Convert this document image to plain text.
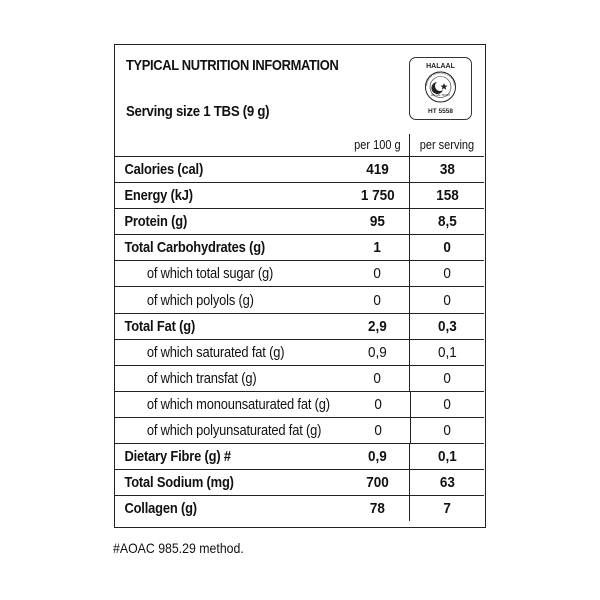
TYPICAL NUTRITION INFORMATION
Serving size 1 TBS (9 g)
HALAAL
HALAAL TRUST
HT 5558
MUSLIM JUDICIAL COUNCIL
per 100 g per serving
Calories (cal)	419	38
Energy (kJ)	1 750	158
Protein (g)	95	8,5
Total Carbohydrates (g)	1	0
of which total sugar (g)	0	0
of which polyols (g)	0	0
Total Fat (g)	2,9	0,3
of which saturated fat (g)	0,9	0,1
of which transfat (g)	0	0
of which monounsaturated fat (g)	0	0
of which polyunsaturated fat (g)	0	0
Dietary Fibre (g) #	0,9	0,1
Total Sodium (mg)	700	63
Collagen (g)	78	7
#AOAC 985.29 method.
